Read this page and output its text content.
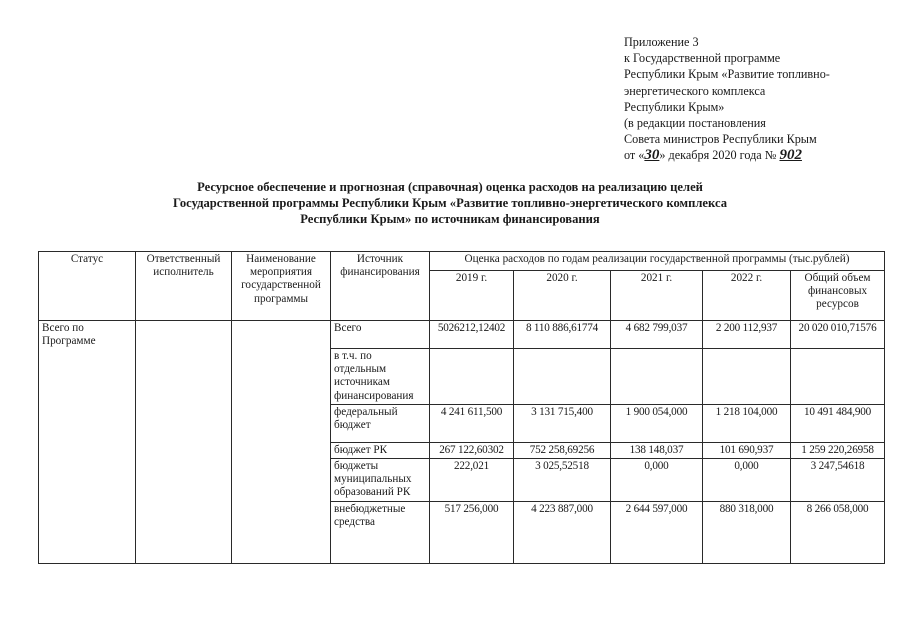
Приложение 3
к Государственной программе
Республики Крым «Развитие топливно-
энергетического комплекса
Республики Крым»
(в редакции постановления
Совета министров Республики Крым
от «30» декабря 2020 года № 902
Ресурсное обеспечение и прогнозная (справочная) оценка расходов на реализацию целей
Государственной программы Республики Крым «Развитие топливно-энергетического комплекса
Республики Крым» по источникам финансирования
Статус	Ответственный исполнитель	Наименование мероприятия государственной программы	Источник финансирования	Оценка расходов по годам реализации государственной программы (тыс.рублей)				
				2019 г.	2020 г.	2021 г.	2022 г.	Общий объем финансовых ресурсов
Всего по Программе			Всего	5026212,12402	8 110 886,61774	4 682 799,037	2 200 112,937	20 020 010,71576
			в т.ч. по отдельным источникам финансирования					
			федеральный бюджет	4 241 611,500	3 131 715,400	1 900 054,000	1 218 104,000	10 491 484,900
			бюджет РК	267 122,60302	752 258,69256	138 148,037	101 690,937	1 259 220,26958
			бюджеты муниципальных образований РК	222,021	3 025,52518	0,000	0,000	3 247,54618
			внебюджетные средства	517 256,000	4 223 887,000	2 644 597,000	880 318,000	8 266 058,000
